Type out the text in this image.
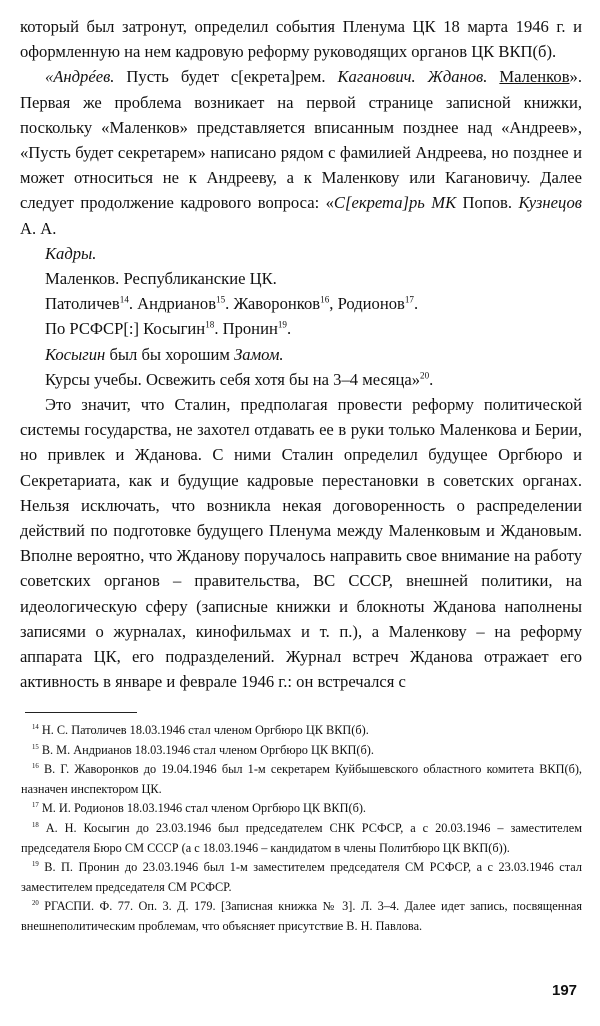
который был затронут, определил события Пленума ЦК 18 марта 1946 г. и оформленную на нем кадровую реформу руководящих органов ЦК ВКП(б).

«Андрéев. Пусть будет с[екрета]рем. Каганович. Жданов. Маленков». Первая же проблема возникает на первой странице записной книжки, поскольку «Маленков» представляется вписанным позднее над «Андреев», «Пусть будет секретарем» написано рядом с фамилией Андреева, но позднее и может относиться не к Андрееву, а к Маленкову или Кагановичу. Далее следует продолжение кадрового вопроса: «С[екрета]рь МК Попов. Кузнецов А. А.

Кадры.

Маленков. Республиканские ЦК.

Патоличев$^{14}$. Андрианов$^{15}$. Жаворонков$^{16}$, Родионов$^{17}$.

По РСФСР[:] Косыгин$^{18}$. Пронин$^{19}$.

Косыгин был бы хорошим Замом.

Курсы учебы. Освежить себя хотя бы на 3–4 месяца»$^{20}$.

Это значит, что Сталин, предполагая провести реформу политической системы государства, не захотел отдавать ее в руки только Маленкова и Берии, но привлек и Жданова. С ними Сталин определил будущее Оргбюро и Секретариата, как и будущие кадровые перестановки в советских органах. Нельзя исключать, что возникла некая договоренность о распределении действий по подготовке будущего Пленума между Маленковым и Ждановым. Вполне вероятно, что Жданову поручалось направить свое внимание на работу советских органов – правительства, ВС СССР, внешней политики, на идеологическую сферу (записные книжки и блокноты Жданова наполнены записями о журналах, кинофильмах и т. п.), а Маленкову – на реформу аппарата ЦК, его подразделений. Журнал встреч Жданова отражает его активность в январе и феврале 1946 г.: он встречался с

$^{14}$ Н. С. Патоличев 18.03.1946 стал членом Оргбюро ЦК ВКП(б).

$^{15}$ В. М. Андрианов 18.03.1946 стал членом Оргбюро ЦК ВКП(б).

$^{16}$ В. Г. Жаворонков до 19.04.1946 был 1-м секретарем Куйбышевского областного комитета ВКП(б), назначен инспектором ЦК.

$^{17}$ М. И. Родионов 18.03.1946 стал членом Оргбюро ЦК ВКП(б).

$^{18}$ А. Н. Косыгин до 23.03.1946 был председателем СНК РСФСР, а с 20.03.1946 – заместителем председателя Бюро СМ СССР (а с 18.03.1946 – кандидатом в члены Политбюро ЦК ВКП(б)).

$^{19}$ В. П. Пронин до 23.03.1946 был 1-м заместителем председателя СМ РСФСР, а с 23.03.1946 стал заместителем председателя СМ РСФСР.

$^{20}$ РГАСПИ. Ф. 77. Оп. 3. Д. 179. [Записная книжка № 3]. Л. 3–4. Далее идет запись, посвященная внешнеполитическим проблемам, что объясняет присутствие В. Н. Павлова.

197
